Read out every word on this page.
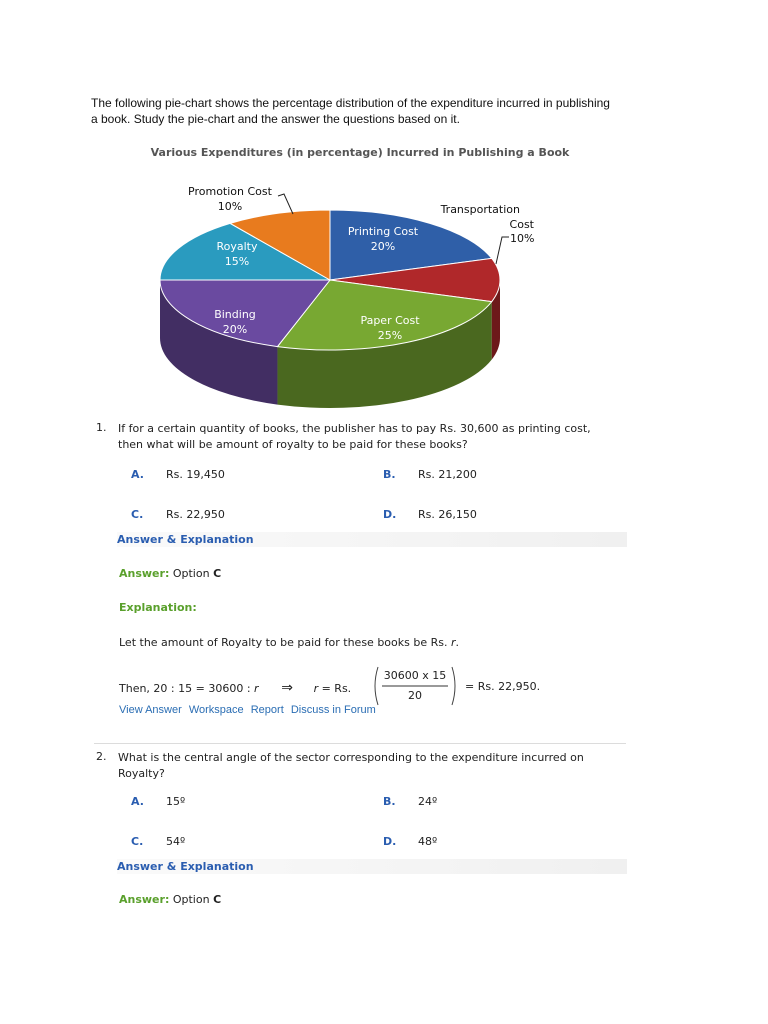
The following pie-chart shows the percentage distribution of the expenditure incurred in publishing a book. Study the pie-chart and the answer the questions based on it.
Various Expenditures (in percentage) Incurred in Publishing a Book
Printing Cost
20%
Paper Cost
25%
Binding
20%
Royalty
15%
Promotion Cost
10%	Transportation
Cost
10%
1. If for a certain quantity of books, the publisher has to pay Rs. 30,600 as printing cost, then what will be amount of royalty to be paid for these books?
A. Rs. 19,450	B. Rs. 21,200
C. Rs. 22,950	D. Rs. 26,150
Answer & Explanation
Answer: Option C
Explanation:
Let the amount of Royalty to be paid for these books be Rs. r.
Then, 20 : 15 = 30600 : r ⇒ r = Rs.
30600 x 15
20
= Rs. 22,950.
View Answer Workspace Report Discuss in Forum
2. What is the central angle of the sector corresponding to the expenditure incurred on Royalty?
A. 15º	B. 24º
C. 54º	D. 48º
Answer & Explanation
Answer: Option C
